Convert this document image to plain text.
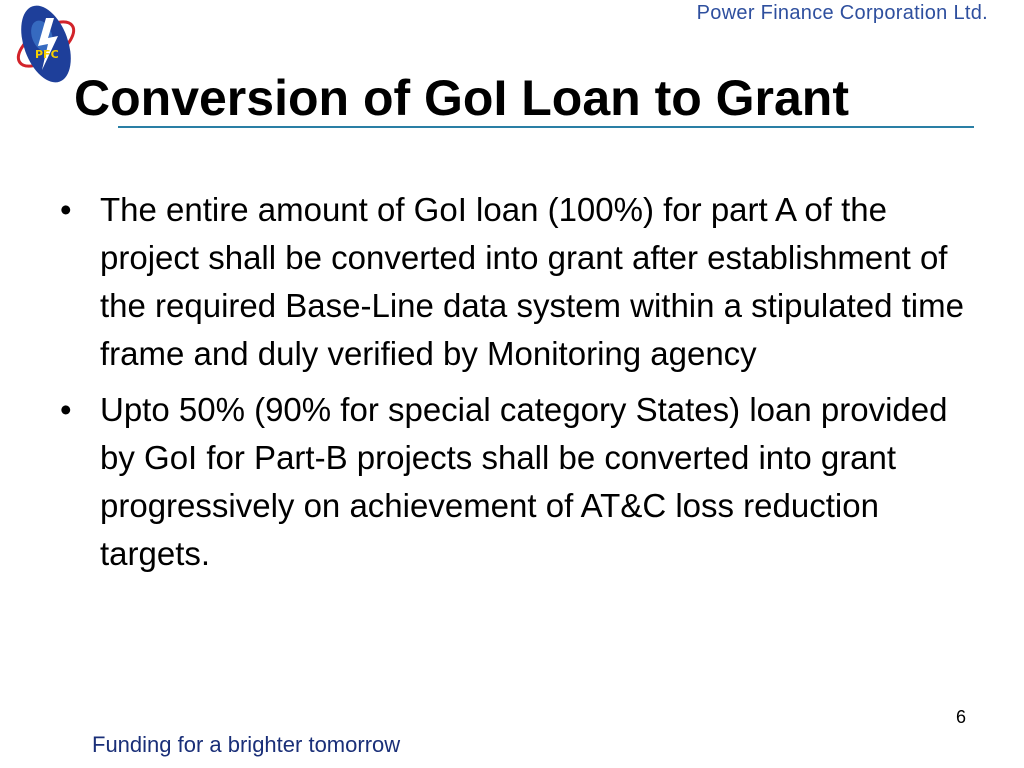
PFC
Power Finance Corporation Ltd.
Conversion of GoI Loan to Grant
• The entire amount of GoI loan (100%) for part A of the project shall be converted into grant after establishment of the required Base-Line data system within a stipulated time frame and duly verified by Monitoring agency
• Upto 50% (90% for special category States) loan provided by GoI for Part-B projects shall be converted into grant progressively on achievement of AT&C loss reduction targets.
6
Funding for a brighter tomorrow
